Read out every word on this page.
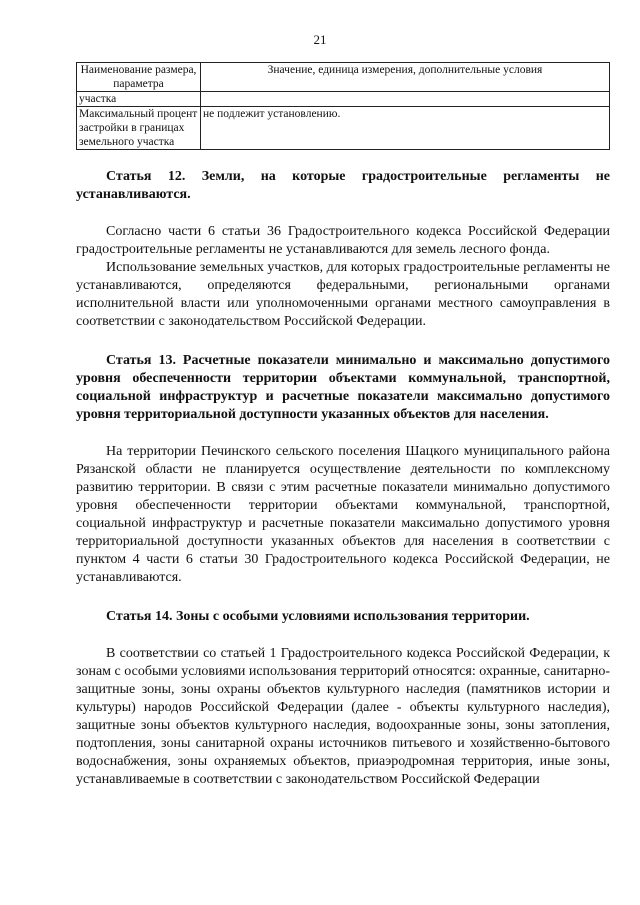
21
Наименование размера, параметра	Значение, единица измерения, дополнительные условия
участка	
Максимальный процент застройки в границах земельного участка	не подлежит установлению.
Статья 12. Земли, на которые градостроительные регламенты не устанавливаются.

Согласно части 6 статьи 36 Градостроительного кодекса Российской Федерации градостроительные регламенты не устанавливаются для земель лесного фонда.

Использование земельных участков, для которых градостроительные регламенты не устанавливаются, определяются федеральными, региональными органами исполнительной власти или уполномоченными органами местного самоуправления в соответствии с законодательством Российской Федерации.

Статья 13. Расчетные показатели минимально и максимально допустимого уровня обеспеченности территории объектами коммунальной, транспортной, социальной инфраструктур и расчетные показатели максимально допустимого уровня территориальной доступности указанных объектов для населения.

На территории Печинского сельского поселения Шацкого муниципального района Рязанской области не планируется осуществление деятельности по комплексному развитию территории. В связи с этим расчетные показатели минимально допустимого уровня обеспеченности территории объектами коммунальной, транспортной, социальной инфраструктур и расчетные показатели максимально допустимого уровня территориальной доступности указанных объектов для населения в соответствии с пунктом 4 части 6 статьи 30 Градостроительного кодекса Российской Федерации, не устанавливаются.

Статья 14. Зоны с особыми условиями использования территории.

В соответствии со статьей 1 Градостроительного кодекса Российской Федерации, к зонам с особыми условиями использования территорий относятся: охранные, санитарно-защитные зоны, зоны охраны объектов культурного наследия (памятников истории и культуры) народов Российской Федерации (далее - объекты культурного наследия), защитные зоны объектов культурного наследия, водоохранные зоны, зоны затопления, подтопления, зоны санитарной охраны источников питьевого и хозяйственно-бытового водоснабжения, зоны охраняемых объектов, приаэродромная территория, иные зоны, устанавливаемые в соответствии с законодательством Российской Федерации
